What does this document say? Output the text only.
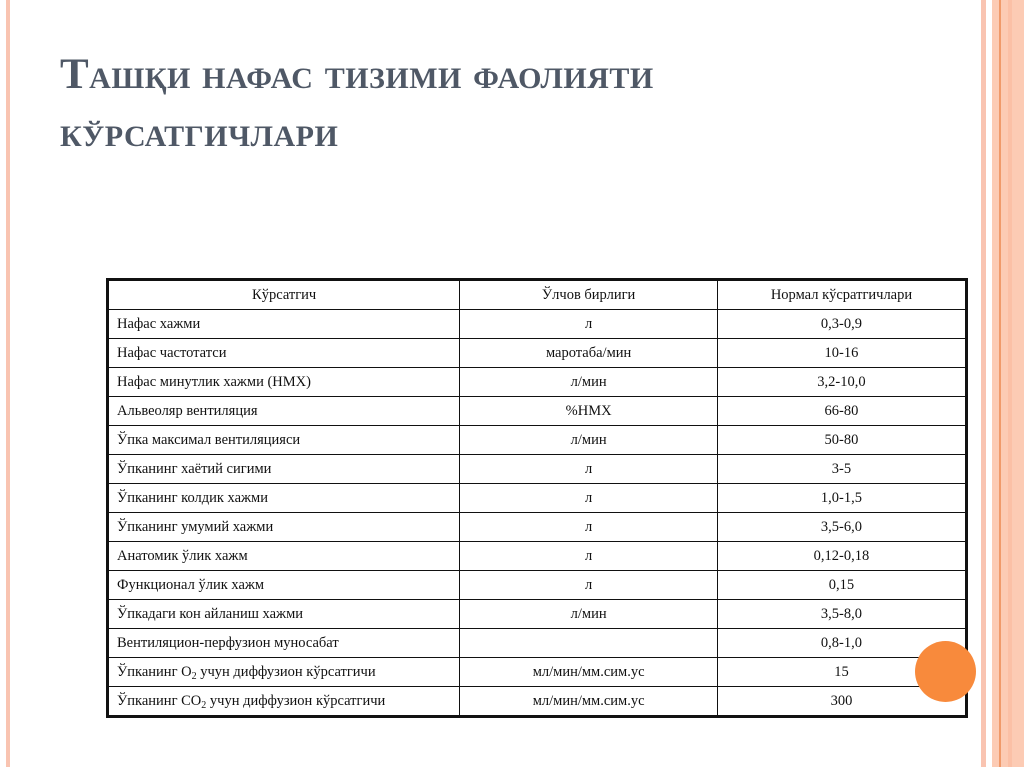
Ташқи нафас тизими фаолияти
кўрсатгичлари
Кўрсатгич	Ўлчов бирлиги	Нормал кўсратгичлари
Нафас хажми	л	0,3-0,9
Нафас частотатси	маротаба/мин	10-16
Нафас минутлик хажми (НМХ)	л/мин	3,2-10,0
Альвеоляр вентиляция	%НМХ	66-80
Ўпка максимал вентиляцияси	л/мин	50-80
Ўпканинг хаётий сигими	л	3-5
Ўпканинг колдик хажми	л	1,0-1,5
Ўпканинг умумий хажми	л	3,5-6,0
Анатомик ўлик хажм	л	0,12-0,18
Функционал ўлик хажм	л	0,15
Ўпкадаги кон айланиш хажми	л/мин	3,5-8,0
Вентиляцион-перфузион муносабат		0,8-1,0
Ўпканинг $О_2$ учун диффузион кўрсатгичи	мл/мин/мм.сим.ус	15
Ўпканинг $СО_2$ учун диффузион кўрсатгичи	мл/мин/мм.сим.ус	300
